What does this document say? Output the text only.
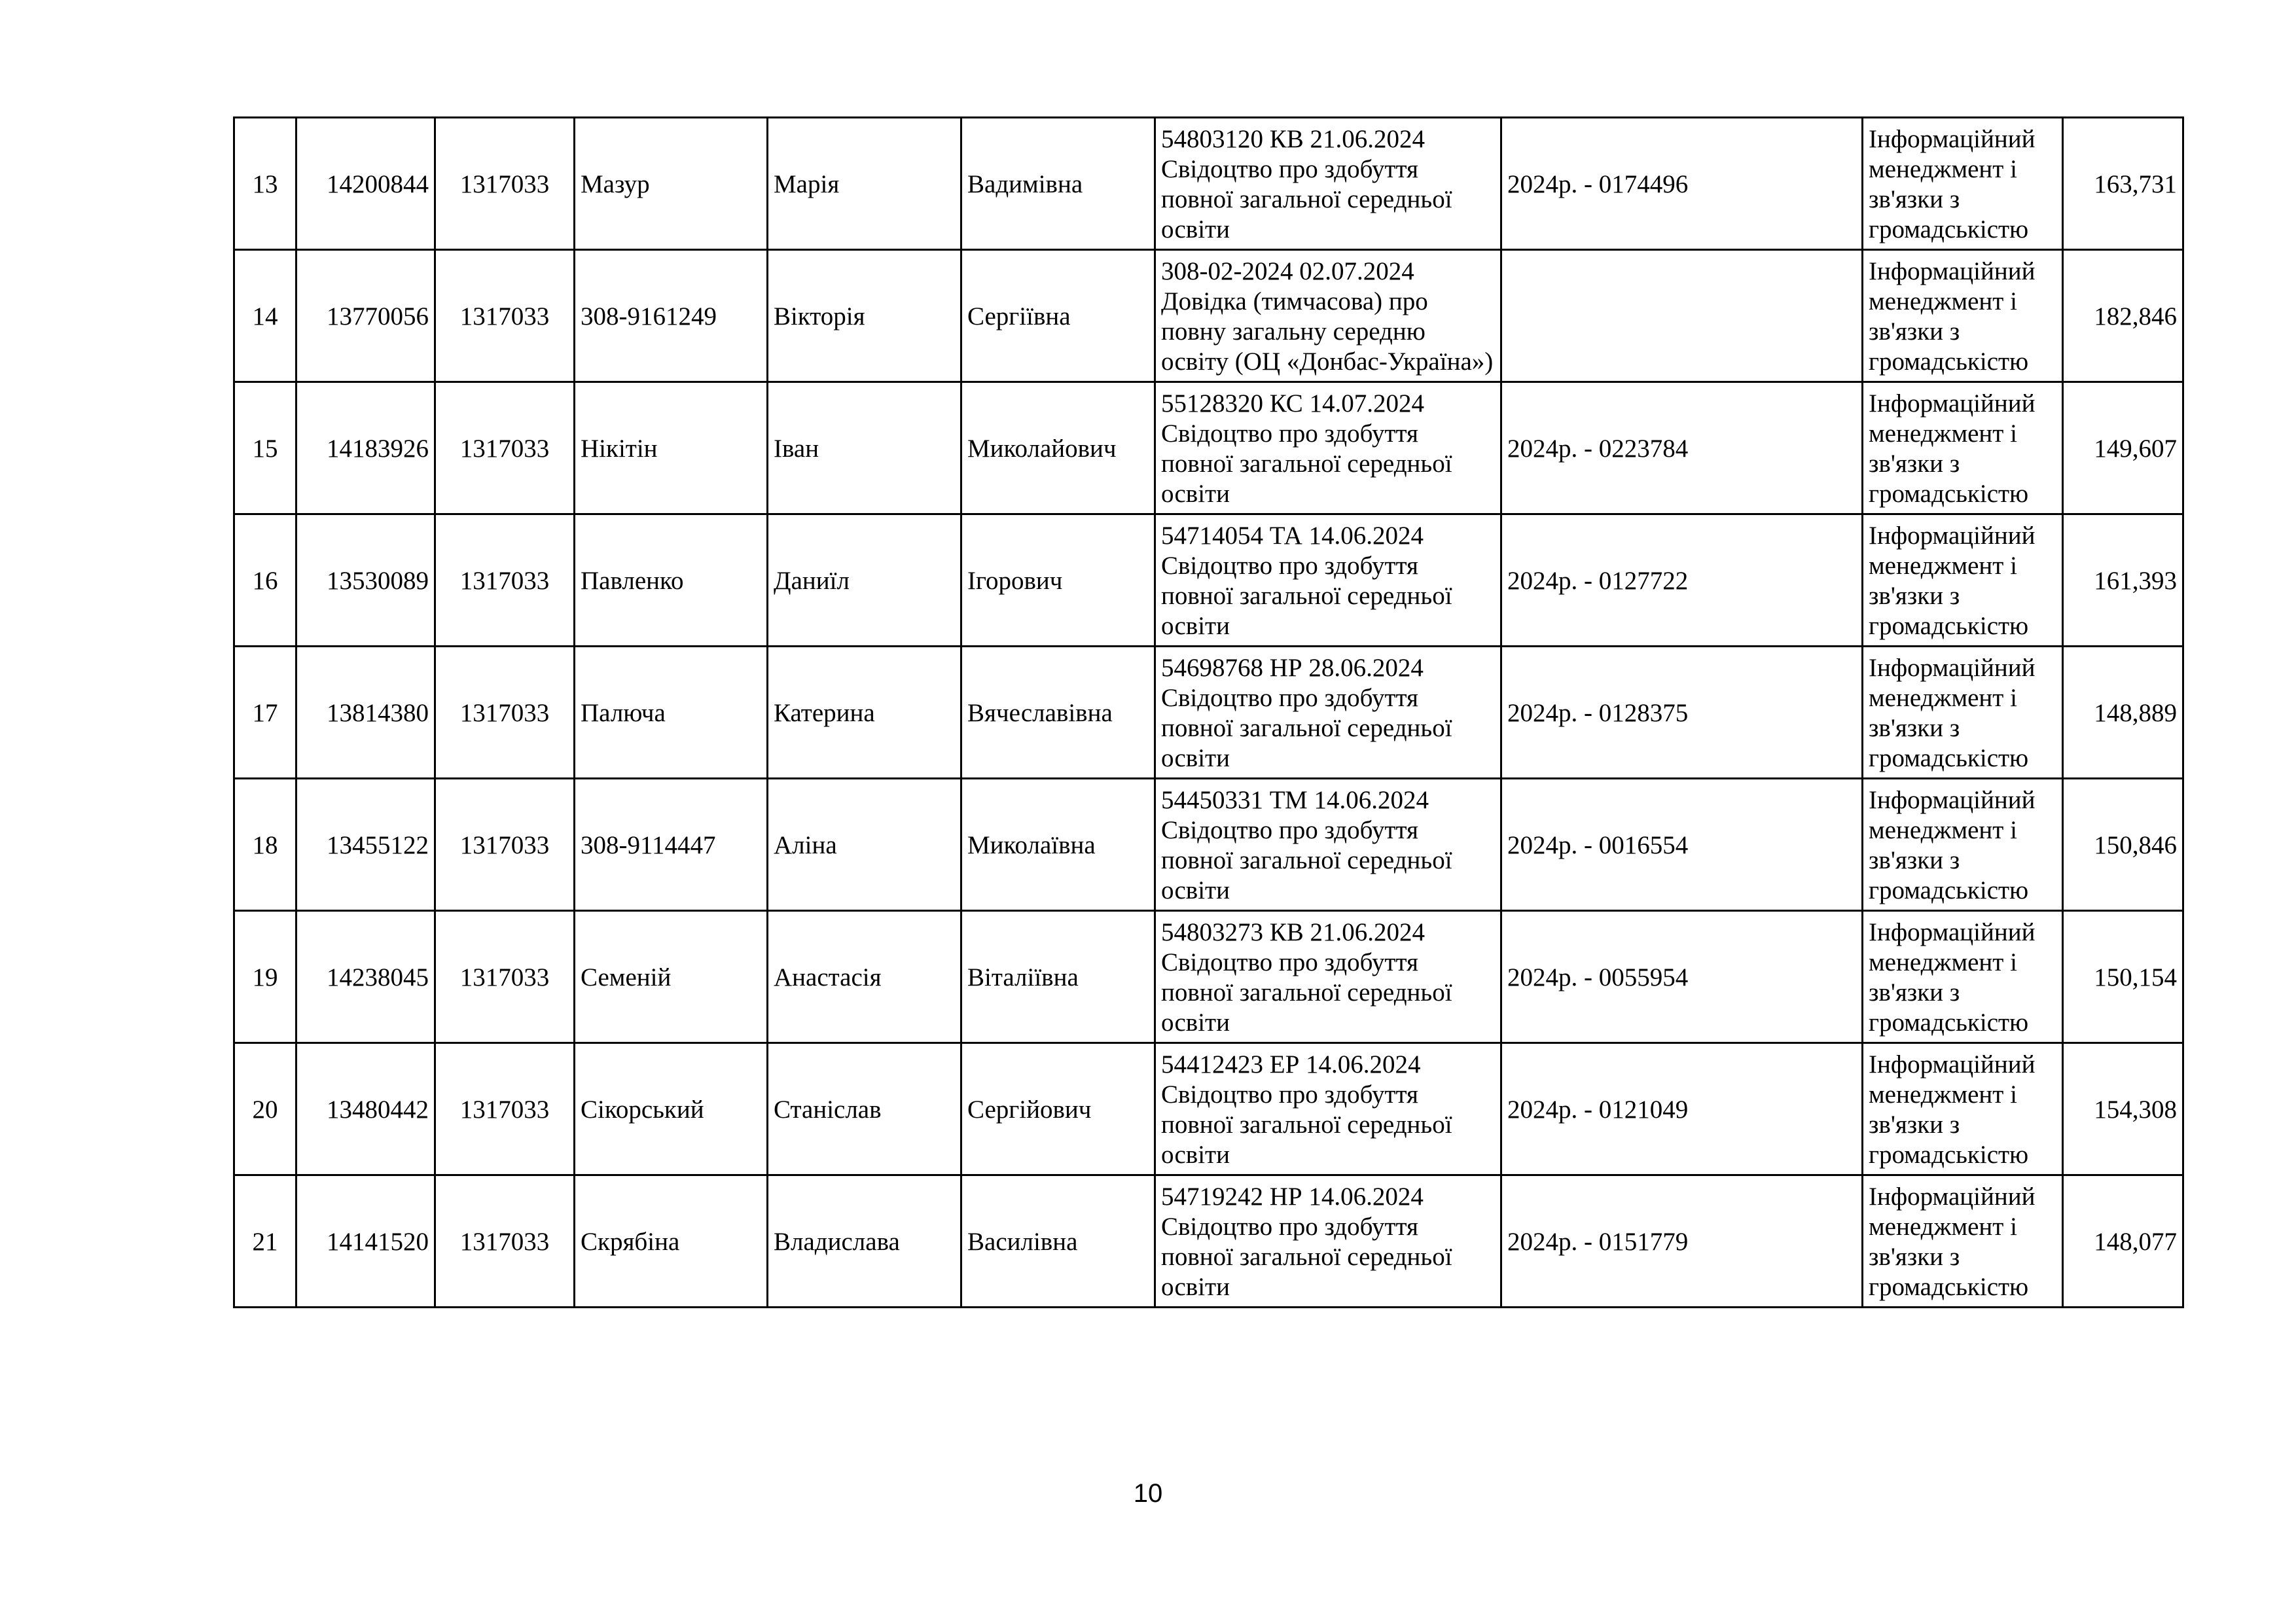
13	14200844	1317033	Мазур	Марія	Вадимівна	54803120 КВ 21.06.2024 Свідоцтво про здобуття повної загальної середньої освіти	2024р. - 0174496	Інформаційний менеджмент і зв'язки з громадськістю	163,731
14	13770056	1317033	308-9161249	Вікторія	Сергіївна	308-02-2024 02.07.2024 Довідка (тимчасова) про повну загальну середню освіту (ОЦ «Донбас-Україна»)		Інформаційний менеджмент і зв'язки з громадськістю	182,846
15	14183926	1317033	Нікітін	Іван	Миколайович	55128320 КС 14.07.2024 Свідоцтво про здобуття повної загальної середньої освіти	2024р. - 0223784	Інформаційний менеджмент і зв'язки з громадськістю	149,607
16	13530089	1317033	Павленко	Даниїл	Ігорович	54714054 ТА 14.06.2024 Свідоцтво про здобуття повної загальної середньої освіти	2024р. - 0127722	Інформаційний менеджмент і зв'язки з громадськістю	161,393
17	13814380	1317033	Палюча	Катерина	Вячеславівна	54698768 НР 28.06.2024 Свідоцтво про здобуття повної загальної середньої освіти	2024р. - 0128375	Інформаційний менеджмент і зв'язки з громадськістю	148,889
18	13455122	1317033	308-9114447	Аліна	Миколаївна	54450331 ТМ 14.06.2024 Свідоцтво про здобуття повної загальної середньої освіти	2024р. - 0016554	Інформаційний менеджмент і зв'язки з громадськістю	150,846
19	14238045	1317033	Семеній	Анастасія	Віталіївна	54803273 КВ 21.06.2024 Свідоцтво про здобуття повної загальної середньої освіти	2024р. - 0055954	Інформаційний менеджмент і зв'язки з громадськістю	150,154
20	13480442	1317033	Сікорський	Станіслав	Сергійович	54412423 ЕР 14.06.2024 Свідоцтво про здобуття повної загальної середньої освіти	2024р. - 0121049	Інформаційний менеджмент і зв'язки з громадськістю	154,308
21	14141520	1317033	Скрябіна	Владислава	Василівна	54719242 НР 14.06.2024 Свідоцтво про здобуття повної загальної середньої освіти	2024р. - 0151779	Інформаційний менеджмент і зв'язки з громадськістю	148,077
10
